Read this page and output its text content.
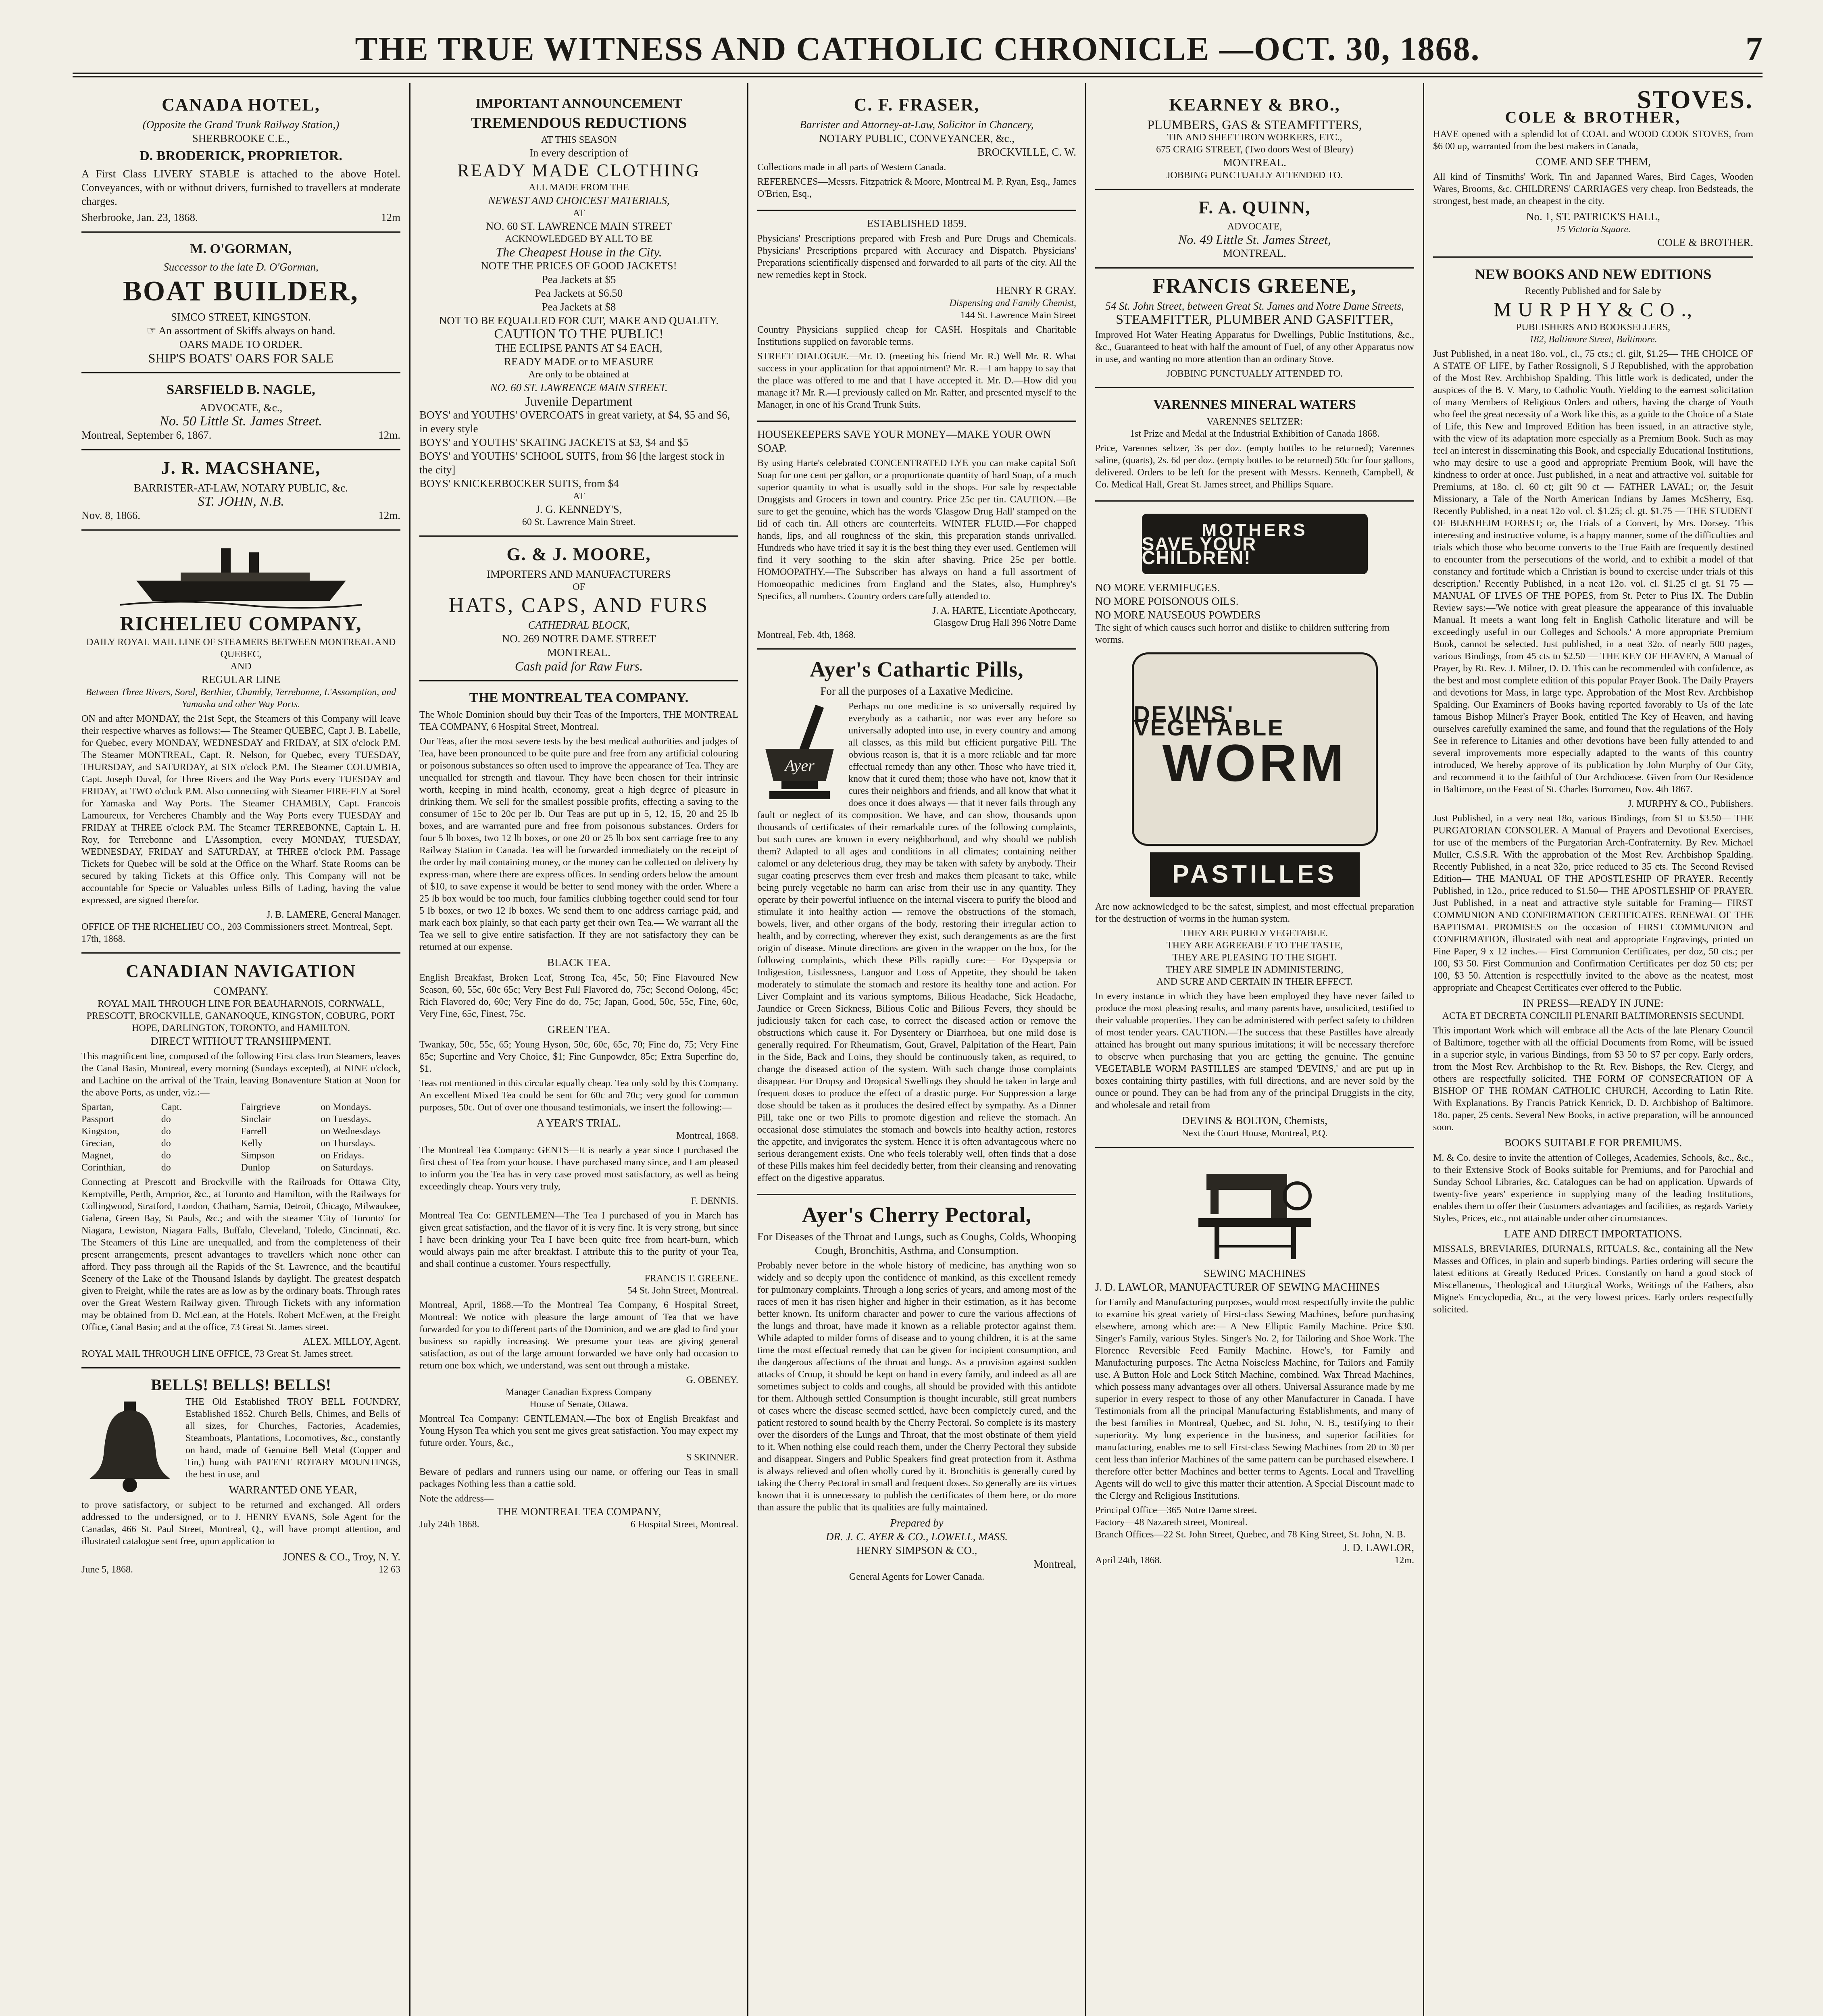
THE TRUE WITNESS AND CATHOLIC CHRONICLE —OCT. 30, 1868.	7
CANADA HOTEL,
(Opposite the Grand Trunk Railway Station,)
SHERBROOKE C.E.,
D. BRODERICK, PROPRIETOR.

A First Class LIVERY STABLE is attached to the above Hotel. Conveyances, with or without drivers, furnished to travellers at moderate charges.

Sherbrooke, Jan. 23, 1868.	12m
M. O'GORMAN,
Successor to the late D. O'Gorman,
BOAT BUILDER,
SIMCO STREET, KINGSTON.
☞ An assortment of Skiffs always on hand.
OARS MADE TO ORDER.
SHIP'S BOATS' OARS FOR SALE
SARSFIELD B. NAGLE,
ADVOCATE, &c.,
No. 50 Little St. James Street.
Montreal, September 6, 1867.	12m.
J. R. MACSHANE,
BARRISTER-AT-LAW, NOTARY PUBLIC, &c.
ST. JOHN, N.B.
Nov. 8, 1866.	12m.
RICHELIEU COMPANY,
DAILY ROYAL MAIL LINE OF STEAMERS BETWEEN MONTREAL AND QUEBEC,
AND
REGULAR LINE
Between Three Rivers, Sorel, Berthier, Chambly, Terrebonne, L'Assomption, and Yamaska and other Way Ports.

ON and after MONDAY, the 21st Sept, the Steamers of this Company will leave their respective wharves as follows:— The Steamer QUEBEC, Capt J. B. Labelle, for Quebec, every MONDAY, WEDNESDAY and FRIDAY, at SIX o'clock P.M. The Steamer MONTREAL, Capt. R. Nelson, for Quebec, every TUESDAY, THURSDAY, and SATURDAY, at SIX o'clock P.M. The Steamer COLUMBIA, Capt. Joseph Duval, for Three Rivers and the Way Ports every TUESDAY and FRIDAY, at TWO o'clock P.M. Also connecting with Steamer FIRE-FLY at Sorel for Yamaska and Way Ports. The Steamer CHAMBLY, Capt. Francois Lamoureux, for Vercheres Chambly and the Way Ports every TUESDAY and FRIDAY at THREE o'clock P.M. The Steamer TERREBONNE, Captain L. H. Roy, for Terrebonne and L'Assomption, every MONDAY, TUESDAY, WEDNESDAY, FRIDAY and SATURDAY, at THREE o'clock P.M. Passage Tickets for Quebec will be sold at the Office on the Wharf. State Rooms can be secured by taking Tickets at this Office only. This Company will not be accountable for Specie or Valuables unless Bills of Lading, having the value expressed, are signed therefor.

J. B. LAMERE, General Manager.
OFFICE OF THE RICHELIEU CO., 203 Commissioners street. Montreal, Sept. 17th, 1868.
CANADIAN NAVIGATION
COMPANY.
ROYAL MAIL THROUGH LINE FOR BEAUHARNOIS, CORNWALL, PRESCOTT, BROCKVILLE, GANANOQUE, KINGSTON, COBURG, PORT HOPE, DARLINGTON, TORONTO, and HAMILTON.
DIRECT WITHOUT TRANSHIPMENT.

This magnificent line, composed of the following First class Iron Steamers, leaves the Canal Basin, Montreal, every morning (Sundays excepted), at NINE o'clock, and Lachine on the arrival of the Train, leaving Bonaventure Station at Noon for the above Ports, as under, viz.:—

Spartan,	Capt.	Fairgrieve	on Mondays.
Passport	do	Sinclair	on Tuesdays.
Kingston,	do	Farrell	on Wednesdays
Grecian,	do	Kelly	on Thursdays.
Magnet,	do	Simpson	on Fridays.
Corinthian,	do	Dunlop	on Saturdays.

Connecting at Prescott and Brockville with the Railroads for Ottawa City, Kemptville, Perth, Arnprior, &c., at Toronto and Hamilton, with the Railways for Collingwood, Stratford, London, Chatham, Sarnia, Detroit, Chicago, Milwaukee, Galena, Green Bay, St Pauls, &c.; and with the steamer 'City of Toronto' for Niagara, Lewiston, Niagara Falls, Buffalo, Cleveland, Toledo, Cincinnati, &c. The Steamers of this Line are unequalled, and from the completeness of their present arrangements, present advantages to travellers which none other can afford. They pass through all the Rapids of the St. Lawrence, and the beautiful Scenery of the Lake of the Thousand Islands by daylight. The greatest despatch given to Freight, while the rates are as low as by the ordinary boats. Through rates over the Great Western Railway given. Through Tickets with any information may be obtained from D. McLean, at the Hotels. Robert McEwen, at the Freight Office, Canal Basin; and at the office, 73 Great St. James street.

ALEX. MILLOY, Agent.
ROYAL MAIL THROUGH LINE OFFICE, 73 Great St. James street.
BELLS! BELLS! BELLS!

THE Old Established TROY BELL FOUNDRY, Established 1852. Church Bells, Chimes, and Bells of all sizes, for Churches, Factories, Academies, Steamboats, Plantations, Locomotives, &c., constantly on hand, made of Genuine Bell Metal (Copper and Tin,) hung with PATENT ROTARY MOUNTINGS, the best in use, and

WARRANTED ONE YEAR,

to prove satisfactory, or subject to be returned and exchanged. All orders addressed to the undersigned, or to J. HENRY EVANS, Sole Agent for the Canadas, 466 St. Paul Street, Montreal, Q., will have prompt attention, and illustrated catalogue sent free, upon application to

JONES & CO., Troy, N. Y.
June 5, 1868.	12 63
IMPORTANT ANNOUNCEMENT
TREMENDOUS REDUCTIONS
AT THIS SEASON
In every description of
READY MADE CLOTHING
ALL MADE FROM THE
NEWEST AND CHOICEST MATERIALS,
AT
NO. 60 ST. LAWRENCE MAIN STREET
ACKNOWLEDGED BY ALL TO BE
The Cheapest House in the City.
NOTE THE PRICES OF GOOD JACKETS!
Pea Jackets at $5
Pea Jackets at $6.50
Pea Jackets at $8
NOT TO BE EQUALLED FOR CUT, MAKE AND QUALITY.
CAUTION TO THE PUBLIC!
THE ECLIPSE PANTS AT $4 EACH,
READY MADE or to MEASURE
Are only to be obtained at
NO. 60 ST. LAWRENCE MAIN STREET.
Juvenile Department
BOYS' and YOUTHS' OVERCOATS in great variety, at $4, $5 and $6, in every style
BOYS' and YOUTHS' SKATING JACKETS at $3, $4 and $5
BOYS' and YOUTHS' SCHOOL SUITS, from $6 [the largest stock in the city]
BOYS' KNICKERBOCKER SUITS, from $4
AT
J. G. KENNEDY'S,
60 St. Lawrence Main Street.
G. & J. MOORE,
IMPORTERS AND MANUFACTURERS
OF
HATS, CAPS, AND FURS
CATHEDRAL BLOCK,
NO. 269 NOTRE DAME STREET
MONTREAL.
Cash paid for Raw Furs.
THE MONTREAL TEA COMPANY.

The Whole Dominion should buy their Teas of the Importers, THE MONTREAL TEA COMPANY, 6 Hospital Street, Montreal.

Our Teas, after the most severe tests by the best medical authorities and judges of Tea, have been pronounced to be quite pure and free from any artificial colouring or poisonous substances so often used to improve the appearance of Tea. They are unequalled for strength and flavour. They have been chosen for their intrinsic worth, keeping in mind health, economy, great a high degree of pleasure in drinking them. We sell for the smallest possible profits, effecting a saving to the consumer of 15c to 20c per lb. Our Teas are put up in 5, 12, 15, 20 and 25 lb boxes, and are warranted pure and free from poisonous substances. Orders for four 5 lb boxes, two 12 lb boxes, or one 20 or 25 lb box sent carriage free to any Railway Station in Canada. Tea will be forwarded immediately on the receipt of the order by mail containing money, or the money can be collected on delivery by express-man, where there are express offices. In sending orders below the amount of $10, to save expense it would be better to send money with the order. Where a 25 lb box would be too much, four families clubbing together could send for four 5 lb boxes, or two 12 lb boxes. We send them to one address carriage paid, and mark each box plainly, so that each party get their own Tea.— We warrant all the Tea we sell to give entire satisfaction. If they are not satisfactory they can be returned at our expense.

BLACK TEA.

English Breakfast, Broken Leaf, Strong Tea, 45c, 50; Fine Flavoured New Season, 60, 55c, 60c 65c; Very Best Full Flavored do, 75c; Second Oolong, 45c; Rich Flavored do, 60c; Very Fine do do, 75c; Japan, Good, 50c, 55c, Fine, 60c, Very Fine, 65c, Finest, 75c.

GREEN TEA.

Twankay, 50c, 55c, 65; Young Hyson, 50c, 60c, 65c, 70; Fine do, 75; Very Fine 85c; Superfine and Very Choice, $1; Fine Gunpowder, 85c; Extra Superfine do, $1.

Teas not mentioned in this circular equally cheap. Tea only sold by this Company. An excellent Mixed Tea could be sent for 60c and 70c; very good for common purposes, 50c. Out of over one thousand testimonials, we insert the following:—

A YEAR'S TRIAL.
Montreal, 1868.

The Montreal Tea Company: GENTS—It is nearly a year since I purchased the first chest of Tea from your house. I have purchased many since, and I am pleased to inform you the Tea has in very case proved most satisfactory, as well as being exceedingly cheap. Yours very truly,

F. DENNIS.

Montreal Tea Co: GENTLEMEN—The Tea I purchased of you in March has given great satisfaction, and the flavor of it is very fine. It is very strong, but since I have been drinking your Tea I have been quite free from heart-burn, which would always pain me after breakfast. I attribute this to the purity of your Tea, and shall continue a customer. Yours respectfully,

FRANCIS T. GREENE.
54 St. John Street, Montreal.

Montreal, April, 1868.—To the Montreal Tea Company, 6 Hospital Street, Montreal: We notice with pleasure the large amount of Tea that we have forwarded for you to different parts of the Dominion, and we are glad to find your business so rapidly increasing. We presume your teas are giving general satisfaction, as out of the large amount forwarded we have only had occasion to return one box which, we understand, was sent out through a mistake.

G. OBENEY.
Manager Canadian Express Company
House of Senate, Ottawa.

Montreal Tea Company: GENTLEMAN.—The box of English Breakfast and Young Hyson Tea which you sent me gives great satisfaction. You may expect my future order. Yours, &c.,

S SKINNER.

Beware of pedlars and runners using our name, or offering our Teas in small packages Nothing less than a cattie sold.

Note the address—
THE MONTREAL TEA COMPANY,
July 24th 1868.	6 Hospital Street, Montreal.
C. F. FRASER,
Barrister and Attorney-at-Law, Solicitor in Chancery,
NOTARY PUBLIC, CONVEYANCER, &c.,
BROCKVILLE, C. W.

Collections made in all parts of Western Canada.

REFERENCES—Messrs. Fitzpatrick & Moore, Montreal M. P. Ryan, Esq., James O'Brien, Esq.,

ESTABLISHED 1859.

Physicians' Prescriptions prepared with Fresh and Pure Drugs and Chemicals. Physicians' Prescriptions prepared with Accuracy and Dispatch. Physicians' Preparations scientifically dispensed and forwarded to all parts of the city. All the new remedies kept in Stock.

HENRY R GRAY.
Dispensing and Family Chemist,
144 St. Lawrence Main Street

Country Physicians supplied cheap for CASH. Hospitals and Charitable Institutions supplied on favorable terms.

STREET DIALOGUE.—Mr. D. (meeting his friend Mr. R.) Well Mr. R. What success in your application for that appointment? Mr. R.—I am happy to say that the place was offered to me and that I have accepted it. Mr. D.—How did you manage it? Mr. R.—I previously called on Mr. Rafter, and presented myself to the Manager, in one of his Grand Trunk Suits.

HOUSEKEEPERS SAVE YOUR MONEY—MAKE YOUR OWN SOAP.

By using Harte's celebrated CONCENTRATED LYE you can make capital Soft Soap for one cent per gallon, or a proportionate quantity of hard Soap, of a much superior quantity to what is usually sold in the shops. For sale by respectable Druggists and Grocers in town and country. Price 25c per tin. CAUTION.—Be sure to get the genuine, which has the words 'Glasgow Drug Hall' stamped on the lid of each tin. All others are counterfeits. WINTER FLUID.—For chapped hands, lips, and all roughness of the skin, this preparation stands unrivalled. Hundreds who have tried it say it is the best thing they ever used. Gentlemen will find it very soothing to the skin after shaving. Price 25c per bottle. HOMOOPATHY.—The Subscriber has always on hand a full assortment of Homoeopathic medicines from England and the States, also, Humphrey's Specifics, all numbers. Country orders carefully attended to.

J. A. HARTE, Licentiate Apothecary,
Glasgow Drug Hall 396 Notre Dame
Montreal, Feb. 4th, 1868.
Ayer's Cathartic Pills,
For all the purposes of a Laxative Medicine.
Ayer

Perhaps no one medicine is so universally required by everybody as a cathartic, nor was ever any before so universally adopted into use, in every country and among all classes, as this mild but efficient purgative Pill. The obvious reason is, that it is a more reliable and far more effectual remedy than any other. Those who have tried it, know that it cured them; those who have not, know that it cures their neighbors and friends, and all know that what it does once it does always — that it never fails through any fault or neglect of its composition. We have, and can show, thousands upon thousands of certificates of their remarkable cures of the following complaints, but such cures are known in every neighborhood, and why should we publish them? Adapted to all ages and conditions in all climates; containing neither calomel or any deleterious drug, they may be taken with safety by anybody. Their sugar coating preserves them ever fresh and makes them pleasant to take, while being purely vegetable no harm can arise from their use in any quantity. They operate by their powerful influence on the internal viscera to purify the blood and stimulate it into healthy action — remove the obstructions of the stomach, bowels, liver, and other organs of the body, restoring their irregular action to health, and by correcting, wherever they exist, such derangements as are the first origin of disease. Minute directions are given in the wrapper on the box, for the following complaints, which these Pills rapidly cure:— For Dyspepsia or Indigestion, Listlessness, Languor and Loss of Appetite, they should be taken moderately to stimulate the stomach and restore its healthy tone and action. For Liver Complaint and its various symptoms, Bilious Headache, Sick Headache, Jaundice or Green Sickness, Bilious Colic and Bilious Fevers, they should be judiciously taken for each case, to correct the diseased action or remove the obstructions which cause it. For Dysentery or Diarrhoea, but one mild dose is generally required. For Rheumatism, Gout, Gravel, Palpitation of the Heart, Pain in the Side, Back and Loins, they should be continuously taken, as required, to change the diseased action of the system. With such change those complaints disappear. For Dropsy and Dropsical Swellings they should be taken in large and frequent doses to produce the effect of a drastic purge. For Suppression a large dose should be taken as it produces the desired effect by sympathy. As a Dinner Pill, take one or two Pills to promote digestion and relieve the stomach. An occasional dose stimulates the stomach and bowels into healthy action, restores the appetite, and invigorates the system. Hence it is often advantageous where no serious derangement exists. One who feels tolerably well, often finds that a dose of these Pills makes him feel decidedly better, from their cleansing and renovating effect on the digestive apparatus.

Ayer's Cherry Pectoral,
For Diseases of the Throat and Lungs, such as Coughs, Colds, Whooping Cough, Bronchitis, Asthma, and Consumption.

Probably never before in the whole history of medicine, has anything won so widely and so deeply upon the confidence of mankind, as this excellent remedy for pulmonary complaints. Through a long series of years, and among most of the races of men it has risen higher and higher in their estimation, as it has become better known. Its uniform character and power to cure the various affections of the lungs and throat, have made it known as a reliable protector against them. While adapted to milder forms of disease and to young children, it is at the same time the most effectual remedy that can be given for incipient consumption, and the dangerous affections of the throat and lungs. As a provision against sudden attacks of Croup, it should be kept on hand in every family, and indeed as all are sometimes subject to colds and coughs, all should be provided with this antidote for them. Although settled Consumption is thought incurable, still great numbers of cases where the disease seemed settled, have been completely cured, and the patient restored to sound health by the Cherry Pectoral. So complete is its mastery over the disorders of the Lungs and Throat, that the most obstinate of them yield to it. When nothing else could reach them, under the Cherry Pectoral they subside and disappear. Singers and Public Speakers find great protection from it. Asthma is always relieved and often wholly cured by it. Bronchitis is generally cured by taking the Cherry Pectoral in small and frequent doses. So generally are its virtues known that it is unnecessary to publish the certificates of them here, or do more than assure the public that its qualities are fully maintained.

Prepared by
DR. J. C. AYER & CO., LOWELL, MASS.
HENRY SIMPSON & CO.,
Montreal,
General Agents for Lower Canada.
KEARNEY & BRO.,
PLUMBERS, GAS & STEAMFITTERS,
TIN AND SHEET IRON WORKERS, ETC.,
675 CRAIG STREET, (Two doors West of Bleury)
MONTREAL.
JOBBING PUNCTUALLY ATTENDED TO.
F. A. QUINN,
ADVOCATE,
No. 49 Little St. James Street,
MONTREAL.
FRANCIS GREENE,
54 St. John Street, between Great St. James and Notre Dame Streets,
STEAMFITTER, PLUMBER AND GASFITTER,

Improved Hot Water Heating Apparatus for Dwellings, Public Institutions, &c., &c., Guaranteed to heat with half the amount of Fuel, of any other Apparatus now in use, and wanting no more attention than an ordinary Stove.

JOBBING PUNCTUALLY ATTENDED TO.
VARENNES MINERAL WATERS
VARENNES SELTZER:
1st Prize and Medal at the Industrial Exhibition of Canada 1868.

Price, Varennes seltzer, 3s per doz. (empty bottles to be returned); Varennes saline, (quarts), 2s. 6d per doz. (empty bottles to be returned) 50c for four gallons, delivered. Orders to be left for the present with Messrs. Kenneth, Campbell, & Co. Medical Hall, Great St. James street, and Phillips Square.

MOTHERS
SAVE YOUR CHILDREN!
NO MORE VERMIFUGES.
NO MORE POISONOUS OILS.
NO MORE NAUSEOUS POWDERS
The sight of which causes such horror and dislike to children suffering from worms.
DEVINS' VEGETABLE
WORM
PASTILLES

Are now acknowledged to be the safest, simplest, and most effectual preparation for the destruction of worms in the human system.

THEY ARE PURELY VEGETABLE.
THEY ARE AGREEABLE TO THE TASTE,
THEY ARE PLEASING TO THE SIGHT.
THEY ARE SIMPLE IN ADMINISTERING,
AND SURE AND CERTAIN IN THEIR EFFECT.

In every instance in which they have been employed they have never failed to produce the most pleasing results, and many parents have, unsolicited, testified to their valuable properties. They can be administered with perfect safety to children of most tender years. CAUTION.—The success that these Pastilles have already attained has brought out many spurious imitations; it will be necessary therefore to observe when purchasing that you are getting the genuine. The genuine VEGETABLE WORM PASTILLES are stamped 'DEVINS,' and are put up in boxes containing thirty pastilles, with full directions, and are never sold by the ounce or pound. They can be had from any of the principal Druggists in the city, and wholesale and retail from

DEVINS & BOLTON, Chemists,
Next the Court House, Montreal, P.Q.
SEWING MACHINES
J. D. LAWLOR, MANUFACTURER OF SEWING MACHINES

for Family and Manufacturing purposes, would most respectfully invite the public to examine his great variety of First-class Sewing Machines, before purchasing elsewhere, among which are:— A New Elliptic Family Machine. Price $30. Singer's Family, various Styles. Singer's No. 2, for Tailoring and Shoe Work. The Florence Reversible Feed Family Machine. Howe's, for Family and Manufacturing purposes. The Aetna Noiseless Machine, for Tailors and Family use. A Button Hole and Lock Stitch Machine, combined. Wax Thread Machines, which possess many advantages over all others. Universal Assurance made by me superior in every respect to those of any other Manufacturer in Canada. I have Testimonials from all the principal Manufacturing Establishments, and many of the best families in Montreal, Quebec, and St. John, N. B., testifying to their superiority. My long experience in the business, and superior facilities for manufacturing, enables me to sell First-class Sewing Machines from 20 to 30 per cent less than inferior Machines of the same pattern can be purchased elsewhere. I therefore offer better Machines and better terms to Agents. Local and Travelling Agents will do well to give this matter their attention. A Special Discount made to the Clergy and Religious Institutions.

Principal Office—365 Notre Dame street.
Factory—48 Nazareth street, Montreal.
Branch Offices—22 St. John Street, Quebec, and 78 King Street, St. John, N. B.
J. D. LAWLOR,
April 24th, 1868.	12m.
STOVES.
COLE & BROTHER,

HAVE opened with a splendid lot of COAL and WOOD COOK STOVES, from $6 00 up, warranted from the best makers in Canada,

COME AND SEE THEM,

All kind of Tinsmiths' Work, Tin and Japanned Wares, Bird Cages, Wooden Wares, Brooms, &c. CHILDRENS' CARRIAGES very cheap. Iron Bedsteads, the strongest, best made, an cheapest in the city.

No. 1, ST. PATRICK'S HALL,
15 Victoria Square.
COLE & BROTHER.
NEW BOOKS AND NEW EDITIONS
Recently Published and for Sale by
M U R P H Y & C O .,
PUBLISHERS AND BOOKSELLERS,
182, Baltimore Street, Baltimore.

Just Published, in a neat 18o. vol., cl., 75 cts.; cl. gilt, $1.25— THE CHOICE OF A STATE OF LIFE, by Father Rossignoli, S J Republished, with the approbation of the Most Rev. Archbishop Spalding. This little work is dedicated, under the auspices of the B. V. Mary, to Catholic Youth. Yielding to the earnest solicitation of many Members of Religious Orders and others, having the charge of Youth who feel the great necessity of a Work like this, as a guide to the Choice of a State of Life, this New and Improved Edition has been issued, in an attractive style, with the view of its adaptation more especially as a Premium Book. Such as may feel an interest in disseminating this Book, and especially Educational Institutions, who may desire to use a good and appropriate Premium Book, will have the kindness to order at once. Just published, in a neat and attractive vol. suitable for Premiums, at 18o. cl. 60 ct; gilt 90 ct — FATHER LAVAL; or, the Jesuit Missionary, a Tale of the North American Indians by James McSherry, Esq. Recently Published, in a neat 12o vol. cl. $1.25; cl. gt. $1.75 — THE STUDENT OF BLENHEIM FOREST; or, the Trials of a Convert, by Mrs. Dorsey. 'This interesting and instructive volume, is a happy manner, some of the difficulties and trials which those who become converts to the True Faith are frequently destined to encounter from the persecutions of the world, and to exhibit a model of that constancy and fortitude which a Christian is bound to exercise under trials of this description.' Recently Published, in a neat 12o. vol. cl. $1.25 cl gt. $1 75 — MANUAL OF LIVES OF THE POPES, from St. Peter to Pius IX. The Dublin Review says:—'We notice with great pleasure the appearance of this invaluable Manual. It meets a want long felt in English Catholic literature and will be exceedingly useful in our Colleges and Schools.' A more appropriate Premium Book, cannot be selected. Just published, in a neat 32o. of nearly 500 pages, various Bindings, from 45 cts to $2.50 — THE KEY OF HEAVEN, A Manual of Prayer, by Rt. Rev. J. Milner, D. D. This can be recommended with confidence, as the best and most complete edition of this popular Prayer Book. The Daily Prayers and devotions for Mass, in large type. Approbation of the Most Rev. Archbishop Spalding. Our Examiners of Books having reported favorably to Us of the late famous Bishop Milner's Prayer Book, entitled The Key of Heaven, and having ourselves carefully examined the same, and found that the regulations of the Holy See in reference to Litanies and other devotions have been fully attended to and several improvements more especially adapted to the wants of this country introduced, We hereby approve of its publication by John Murphy of Our City, and recommend it to the faithful of Our Archdiocese. Given from Our Residence in Baltimore, on the Feast of St. Charles Borromeo, Nov. 4th 1867.

J. MURPHY & CO., Publishers.

Just Published, in a very neat 18o, various Bindings, from $1 to $3.50— THE PURGATORIAN CONSOLER. A Manual of Prayers and Devotional Exercises, for use of the members of the Purgatorian Arch-Confraternity. By Rev. Michael Muller, C.S.S.R. With the approbation of the Most Rev. Archbishop Spalding. Recently Published, in a neat 32o, price reduced to 35 cts. The Second Revised Edition— THE MANUAL OF THE APOSTLESHIP OF PRAYER. Recently Published, in 12o., price reduced to $1.50— THE APOSTLESHIP OF PRAYER. Just Published, in a neat and attractive style suitable for Framing— FIRST COMMUNION AND CONFIRMATION CERTIFICATES. RENEWAL OF THE BAPTISMAL PROMISES on the occasion of FIRST COMMUNION and CONFIRMATION, illustrated with neat and appropriate Engravings, printed on Fine Paper, 9 x 12 inches.— First Communion Certificates, per doz, 50 cts.; per 100, $3 50. First Communion and Confirmation Certificates per doz 50 cts; per 100, $3 50. Attention is respectfully invited to the above as the neatest, most appropriate and Cheapest Certificates ever offered to the Public.

IN PRESS—READY IN JUNE:
ACTA ET DECRETA CONCILII PLENARII BALTIMORENSIS SECUNDI.

This important Work which will embrace all the Acts of the late Plenary Council of Baltimore, together with all the official Documents from Rome, will be issued in a superior style, in various Bindings, from $3 50 to $7 per copy. Early orders, from the Most Rev. Archbishop to the Rt. Rev. Bishops, the Rev. Clergy, and others are respectfully solicited. THE FORM OF CONSECRATION OF A BISHOP OF THE ROMAN CATHOLIC CHURCH, According to Latin Rite. With Explanations. By Francis Patrick Kenrick, D. D. Archbishop of Baltimore. 18o. paper, 25 cents. Several New Books, in active preparation, will be announced soon.

BOOKS SUITABLE FOR PREMIUMS.

M. & Co. desire to invite the attention of Colleges, Academies, Schools, &c., &c., to their Extensive Stock of Books suitable for Premiums, and for Parochial and Sunday School Libraries, &c. Catalogues can be had on application. Upwards of twenty-five years' experience in supplying many of the leading Institutions, enables them to offer their Customers advantages and facilities, as regards Variety Styles, Prices, etc., not attainable under other circumstances.

LATE AND DIRECT IMPORTATIONS.

MISSALS, BREVIARIES, DIURNALS, RITUALS, &c., containing all the New Masses and Offices, in plain and superb bindings. Parties ordering will secure the latest editions at Greatly Reduced Prices. Constantly on hand a good stock of Miscellaneous, Theological and Liturgical Works, Writings of the Fathers, also Migne's Encyclopedia, &c., at the very lowest prices. Early orders respectfully solicited.
